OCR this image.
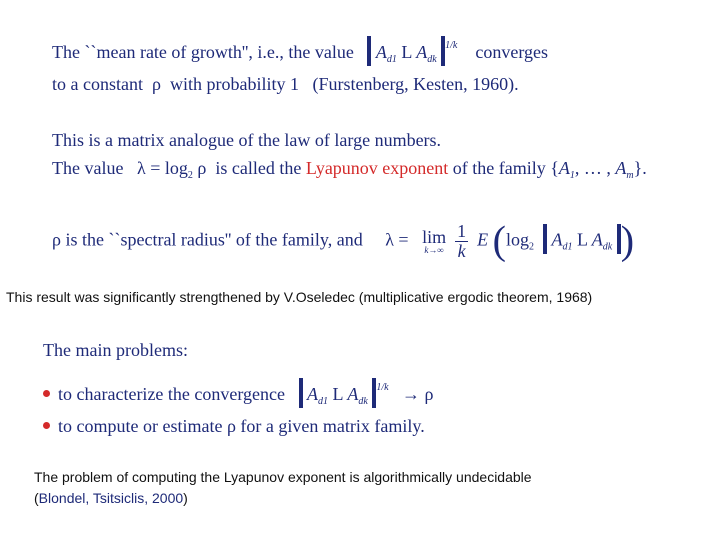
The ``mean rate of growth'', i.e., the value $A_{d1}$ L $A_{dk}$ $^{1/k}$ converges
to a constant ρ with probability 1 (Furstenberg, Kesten, 1960).
This is a matrix analogue of the law of large numbers.
The value $\lambda = \log_2 \rho$ is called the Lyapunov exponent of the family {$A_1$, … , $A_m$}.
ρ is the ``spectral radius'' of the family, and λ = lim
k→∞
$\frac{1}{k}$ E ($\log_2$ $A_{d1}$ L $A_{dk}$ )
This result was significantly strengthened by V.Oseledec (multiplicative ergodic theorem, 1968)
The main problems:
to characterize the convergence $A_{d1}$ L $A_{dk}$ $^{1/k}$ → ρ
to compute or estimate ρ for a given matrix family.
The problem of computing the Lyapunov exponent is algorithmically undecidable
(Blondel, Tsitsiclis, 2000)
